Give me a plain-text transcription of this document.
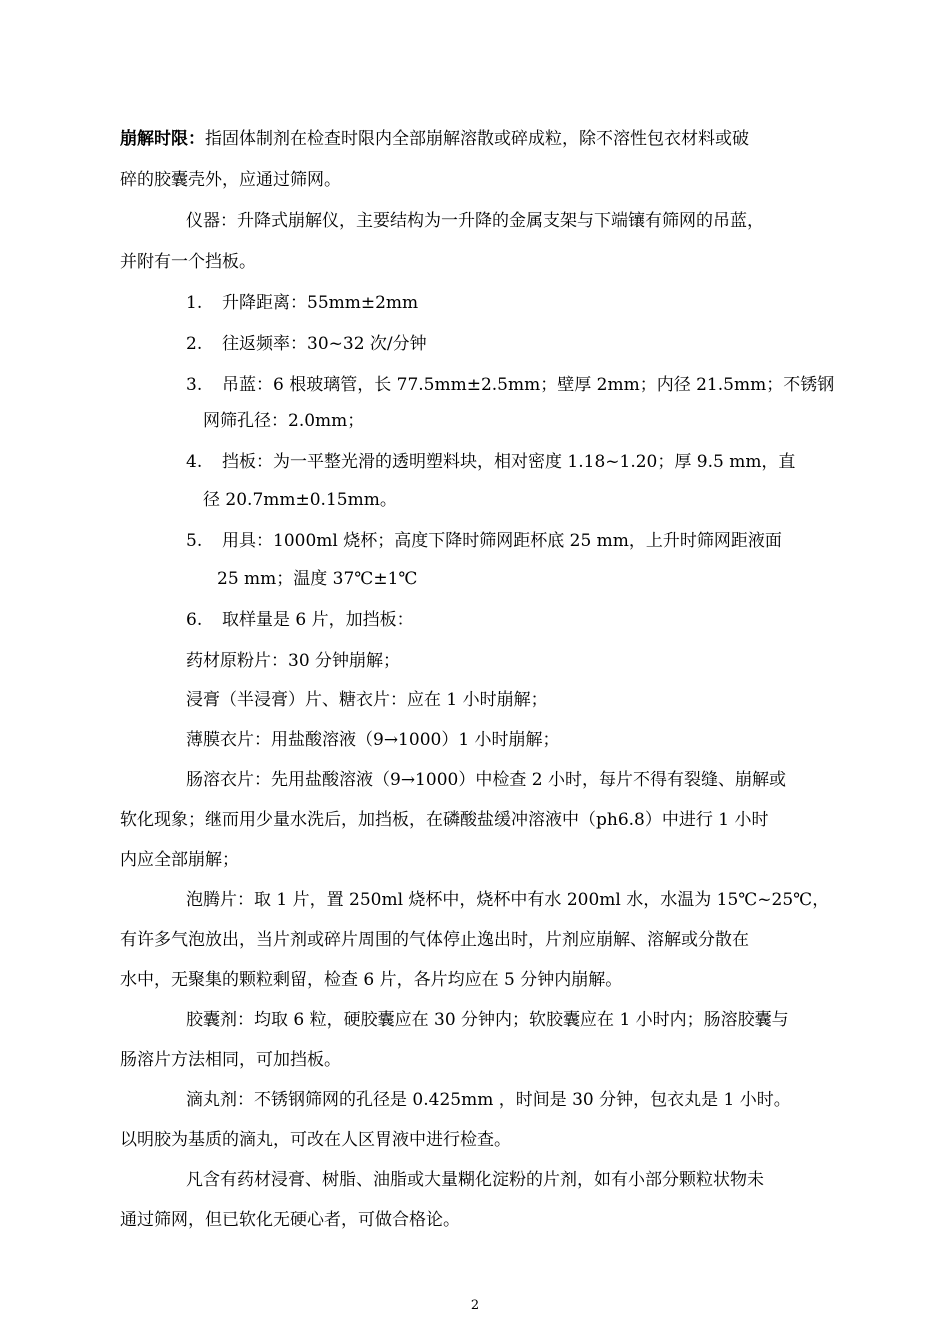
崩解时限：指固体制剂在检查时限内全部崩解溶散或碎成粒，除不溶性包衣材料或破
碎的胶囊壳外，应通过筛网。
仪器：升降式崩解仪，主要结构为一升降的金属支架与下端镶有筛网的吊蓝，
并附有一个挡板。
1. 升降距离：55mm±2mm
2. 往返频率：30~32 次/分钟
3. 吊蓝：6 根玻璃管，长 77.5mm±2.5mm；壁厚 2mm；内径 21.5mm；不锈钢
网筛孔径：2.0mm；
4. 挡板：为一平整光滑的透明塑料块，相对密度 1.18~1.20；厚 9.5 mm，直
径 20.7mm±0.15mm。
5. 用具：1000ml 烧杯；高度下降时筛网距杯底 25 mm，上升时筛网距液面
25 mm；温度 37℃±1℃
6. 取样量是 6 片，加挡板：
药材原粉片：30 分钟崩解；
浸膏（半浸膏）片、糖衣片：应在 1 小时崩解；
薄膜衣片：用盐酸溶液（9→1000）1 小时崩解；
肠溶衣片：先用盐酸溶液（9→1000）中检查 2 小时，每片不得有裂缝、崩解或
软化现象；继而用少量水洗后，加挡板，在磷酸盐缓冲溶液中（ph6.8）中进行 1 小时
内应全部崩解；
泡腾片：取 1 片，置 250ml 烧杯中，烧杯中有水 200ml 水，水温为 15℃~25℃，
有许多气泡放出，当片剂或碎片周围的气体停止逸出时，片剂应崩解、溶解或分散在
水中，无聚集的颗粒剩留，检查 6 片，各片均应在 5 分钟内崩解。
胶囊剂：均取 6 粒，硬胶囊应在 30 分钟内；软胶囊应在 1 小时内；肠溶胶囊与
肠溶片方法相同，可加挡板。
滴丸剂：不锈钢筛网的孔径是 0.425mm ，时间是 30 分钟，包衣丸是 1 小时。
以明胶为基质的滴丸，可改在人区胃液中进行检查。
凡含有药材浸膏、树脂、油脂或大量糊化淀粉的片剂，如有小部分颗粒状物未
通过筛网，但已软化无硬心者，可做合格论。
2
